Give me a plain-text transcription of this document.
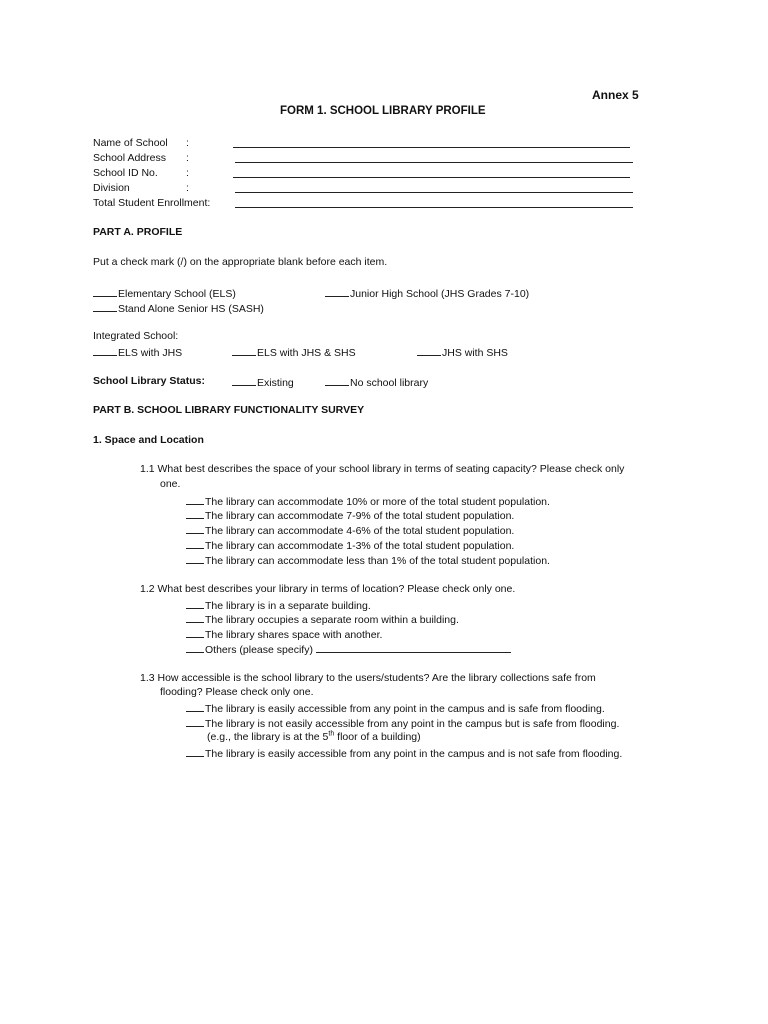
Annex 5
FORM 1. SCHOOL LIBRARY PROFILE
Name of School :
School Address :
School ID No.	:
Division	:
Total Student Enrollment:
PART A. PROFILE
Put a check mark (/) on the appropriate blank before each item.
Elementary School (ELS)	Junior High School (JHS Grades 7-10)
Stand Alone Senior HS (SASH)
Integrated School:
ELS with JHS	ELS with JHS & SHS	JHS with SHS
School Library Status:	Existing	No school library
PART B. SCHOOL LIBRARY FUNCTIONALITY SURVEY
1. Space and Location
1.1 What best describes the space of your school library in terms of seating capacity? Please check only
one.
The library can accommodate 10% or more of the total student population.
The library can accommodate 7-9% of the total student population.
The library can accommodate 4-6% of the total student population.
The library can accommodate 1-3% of the total student population.
The library can accommodate less than 1% of the total student population.
1.2 What best describes your library in terms of location? Please check only one.
The library is in a separate building.
The library occupies a separate room within a building.
The library shares space with another.
Others (please specify)
1.3 How accessible is the school library to the users/students? Are the library collections safe from
flooding? Please check only one.
The library is easily accessible from any point in the campus and is safe from flooding.
The library is not easily accessible from any point in the campus but is safe from flooding.
(e.g., the library is at the 5th floor of a building)
The library is easily accessible from any point in the campus and is not safe from flooding.
